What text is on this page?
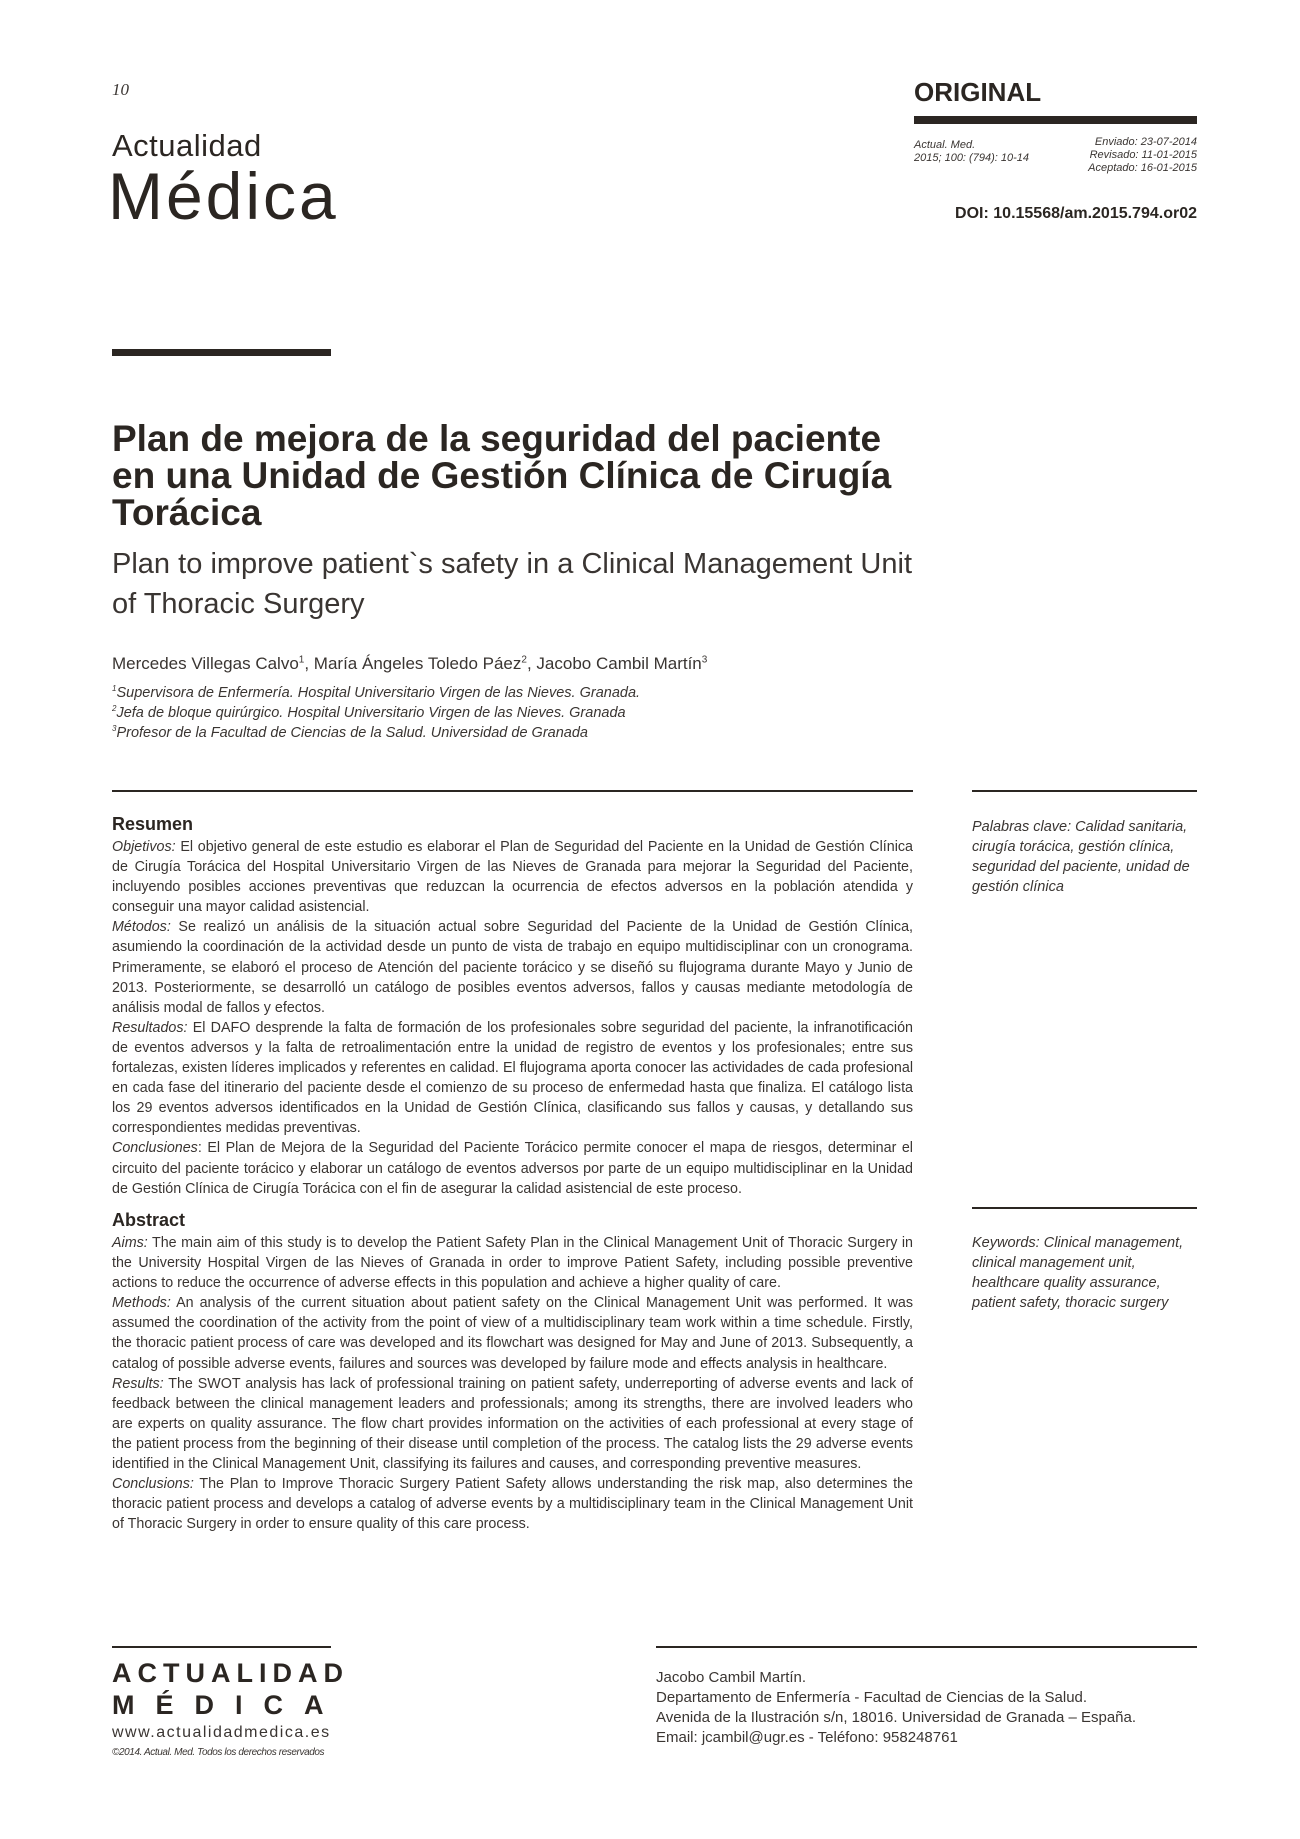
10
Actualidad
Médica
ORIGINAL
Actual. Med.
2015; 100: (794): 10-14
Enviado: 23-07-2014
Revisado: 11-01-2015
Aceptado: 16-01-2015
DOI: 10.15568/am.2015.794.or02
Plan de mejora de la seguridad del paciente en una Unidad de Gestión Clínica de Cirugía Torácica
Plan to improve patient`s safety in a Clinical Management Unit of Thoracic Surgery
Mercedes Villegas Calvo$^1$, María Ángeles Toledo Páez$^2$, Jacobo Cambil Martín$^3$
$^1$Supervisora de Enfermería. Hospital Universitario Virgen de las Nieves. Granada.
$^2$Jefa de bloque quirúrgico. Hospital Universitario Virgen de las Nieves. Granada
$^3$Profesor de la Facultad de Ciencias de la Salud. Universidad de Granada
Resumen

Objetivos: El objetivo general de este estudio es elaborar el Plan de Seguridad del Paciente en la Unidad de Gestión Clínica de Cirugía Torácica del Hospital Universitario Virgen de las Nieves de Granada para mejorar la Seguridad del Paciente, incluyendo posibles acciones preventivas que reduzcan la ocurrencia de efectos adversos en la población atendida y conseguir una mayor calidad asistencial.

Métodos: Se realizó un análisis de la situación actual sobre Seguridad del Paciente de la Unidad de Gestión Clínica, asumiendo la coordinación de la actividad desde un punto de vista de trabajo en equipo multidisciplinar con un cronograma. Primeramente, se elaboró el proceso de Atención del paciente torácico y se diseñó su flujograma durante Mayo y Junio de 2013. Posteriormente, se desarrolló un catálogo de posibles eventos adversos, fallos y causas mediante metodología de análisis modal de fallos y efectos.

Resultados: El DAFO desprende la falta de formación de los profesionales sobre seguridad del paciente, la infranotificación de eventos adversos y la falta de retroalimentación entre la unidad de registro de eventos y los profesionales; entre sus fortalezas, existen líderes implicados y referentes en calidad. El flujograma aporta conocer las actividades de cada profesional en cada fase del itinerario del paciente desde el comienzo de su proceso de enfermedad hasta que finaliza. El catálogo lista los 29 eventos adversos identificados en la Unidad de Gestión Clínica, clasificando sus fallos y causas, y detallando sus correspondientes medidas preventivas.

Conclusiones: El Plan de Mejora de la Seguridad del Paciente Torácico permite conocer el mapa de riesgos, determinar el circuito del paciente torácico y elaborar un catálogo de eventos adversos por parte de un equipo multidisciplinar en la Unidad de Gestión Clínica de Cirugía Torácica con el fin de asegurar la calidad asistencial de este proceso.

Palabras clave: Calidad sanitaria, cirugía torácica, gestión clínica, seguridad del paciente, unidad de gestión clínica
Abstract

Aims: The main aim of this study is to develop the Patient Safety Plan in the Clinical Management Unit of Thoracic Surgery in the University Hospital Virgen de las Nieves of Granada in order to improve Patient Safety, including possible preventive actions to reduce the occurrence of adverse effects in this population and achieve a higher quality of care.

Methods: An analysis of the current situation about patient safety on the Clinical Management Unit was performed. It was assumed the coordination of the activity from the point of view of a multidisciplinary team work within a time schedule. Firstly, the thoracic patient process of care was developed and its flowchart was designed for May and June of 2013. Subsequently, a catalog of possible adverse events, failures and sources was developed by failure mode and effects analysis in healthcare.

Results: The SWOT analysis has lack of professional training on patient safety, underreporting of adverse events and lack of feedback between the clinical management leaders and professionals; among its strengths, there are involved leaders who are experts on quality assurance. The flow chart provides information on the activities of each professional at every stage of the patient process from the beginning of their disease until completion of the process. The catalog lists the 29 adverse events identified in the Clinical Management Unit, classifying its failures and causes, and corresponding preventive measures.

Conclusions: The Plan to Improve Thoracic Surgery Patient Safety allows understanding the risk map, also determines the thoracic patient process and develops a catalog of adverse events by a multidisciplinary team in the Clinical Management Unit of Thoracic Surgery in order to ensure quality of this care process.

Keywords: Clinical management, clinical management unit, healthcare quality assurance, patient safety, thoracic surgery
ACTUALIDAD
MÉDICA
www.actualidadmedica.es
©2014. Actual. Med. Todos los derechos reservados
Jacobo Cambil Martín.
Departamento de Enfermería - Facultad de Ciencias de la Salud.
Avenida de la Ilustración s/n, 18016. Universidad de Granada – España.
Email: jcambil@ugr.es - Teléfono: 958248761
